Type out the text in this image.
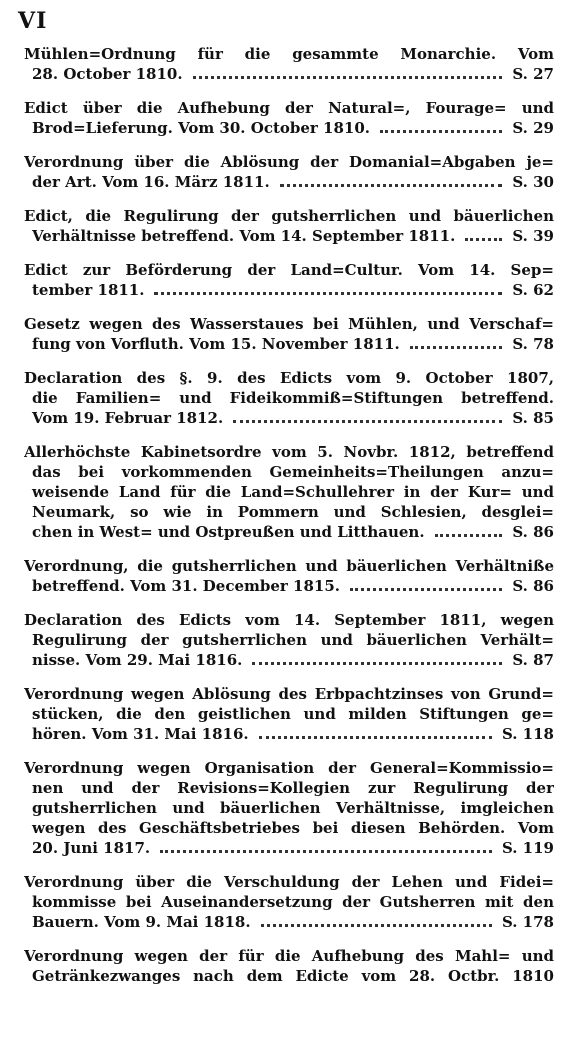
VI
Mühlen=Ordnung für die gesammte Monarchie. Vom
28. October 1810.	S. 27
Edict über die Aufhebung der Natural=, Fourage= und
Brod=Lieferung. Vom 30. October 1810.	S. 29
Verordnung über die Ablösung der Domanial=Abgaben je=
der Art. Vom 16. März 1811.	S. 30
Edict, die Regulirung der gutsherrlichen und bäuerlichen
Verhältnisse betreffend. Vom 14. September 1811.	S. 39
Edict zur Beförderung der Land=Cultur. Vom 14. Sep=
tember 1811.	S. 62
Gesetz wegen des Wasserstaues bei Mühlen, und Verschaf=
fung von Vorfluth. Vom 15. November 1811.	S. 78
Declaration des §. 9. des Edicts vom 9. October 1807,
die Familien= und Fideikommiß=Stiftungen betreffend.
Vom 19. Februar 1812.	S. 85
Allerhöchste Kabinetsordre vom 5. Novbr. 1812, betreffend
das bei vorkommenden Gemeinheits=Theilungen anzu=
weisende Land für die Land=Schullehrer in der Kur= und
Neumark, so wie in Pommern und Schlesien, desglei=
chen in West= und Ostpreußen und Litthauen.	S. 86
Verordnung, die gutsherrlichen und bäuerlichen Verhältniße
betreffend. Vom 31. December 1815.	S. 86
Declaration des Edicts vom 14. September 1811, wegen
Regulirung der gutsherrlichen und bäuerlichen Verhält=
nisse. Vom 29. Mai 1816.	S. 87
Verordnung wegen Ablösung des Erbpachtzinses von Grund=
stücken, die den geistlichen und milden Stiftungen ge=
hören. Vom 31. Mai 1816.	S. 118
Verordnung wegen Organisation der General=Kommissio=
nen und der Revisions=Kollegien zur Regulirung der
gutsherrlichen und bäuerlichen Verhältnisse, imgleichen
wegen des Geschäftsbetriebes bei diesen Behörden. Vom
20. Juni 1817.	S. 119
Verordnung über die Verschuldung der Lehen und Fidei=
kommisse bei Auseinandersetzung der Gutsherren mit den
Bauern. Vom 9. Mai 1818.	S. 178
Verordnung wegen der für die Aufhebung des Mahl= und
Getränkezwanges nach dem Edicte vom 28. Octbr. 1810
